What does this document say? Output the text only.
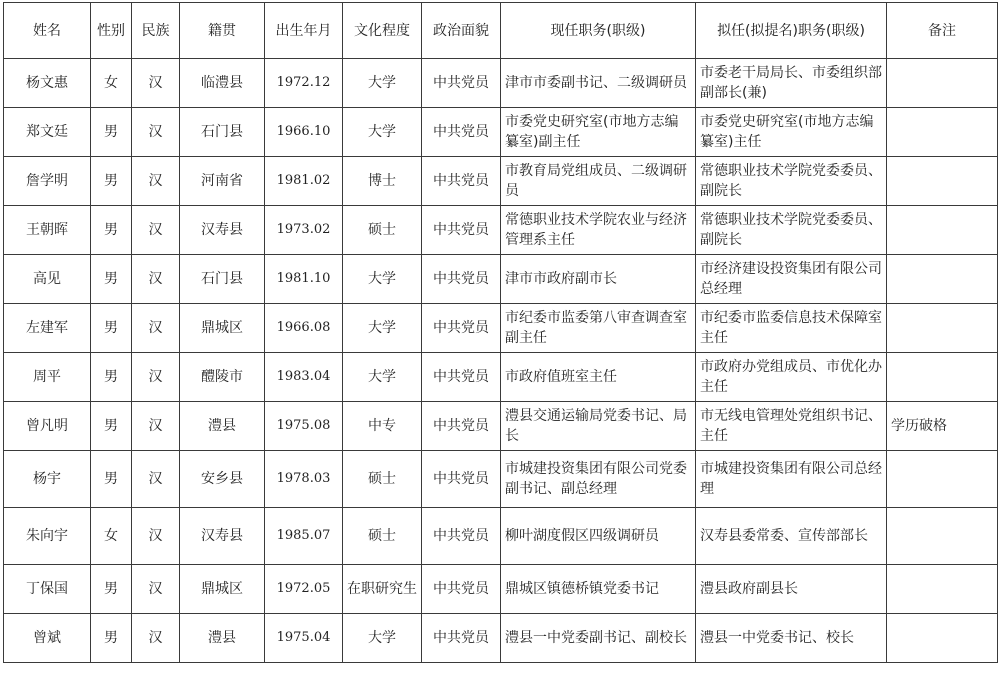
姓名	性别	民族	籍贯	出生年月	文化程度	政治面貌	现任职务(职级)	拟任(拟提名)职务(职级)	备注
杨文惠	女	汉	临澧县	1972.12	大学	中共党员	津市市委副书记、二级调研员	市委老干局局长、市委组织部副部长(兼)	
郑文廷	男	汉	石门县	1966.10	大学	中共党员	市委党史研究室(市地方志编纂室)副主任	市委党史研究室(市地方志编纂室)主任	
詹学明	男	汉	河南省	1981.02	博士	中共党员	市教育局党组成员、二级调研员	常德职业技术学院党委委员、副院长	
王朝晖	男	汉	汉寿县	1973.02	硕士	中共党员	常德职业技术学院农业与经济管理系主任	常德职业技术学院党委委员、副院长	
高见	男	汉	石门县	1981.10	大学	中共党员	津市市政府副市长	市经济建设投资集团有限公司总经理	
左建军	男	汉	鼎城区	1966.08	大学	中共党员	市纪委市监委第八审查调查室副主任	市纪委市监委信息技术保障室主任	
周平	男	汉	醴陵市	1983.04	大学	中共党员	市政府值班室主任	市政府办党组成员、市优化办主任	
曾凡明	男	汉	澧县	1975.08	中专	中共党员	澧县交通运输局党委书记、局长	市无线电管理处党组织书记、主任	学历破格
杨宇	男	汉	安乡县	1978.03	硕士	中共党员	市城建投资集团有限公司党委副书记、副总经理	市城建投资集团有限公司总经理	
朱向宇	女	汉	汉寿县	1985.07	硕士	中共党员	柳叶湖度假区四级调研员	汉寿县委常委、宣传部部长	
丁保国	男	汉	鼎城区	1972.05	在职研究生	中共党员	鼎城区镇德桥镇党委书记	澧县政府副县长	
曾斌	男	汉	澧县	1975.04	大学	中共党员	澧县一中党委副书记、副校长	澧县一中党委书记、校长	
